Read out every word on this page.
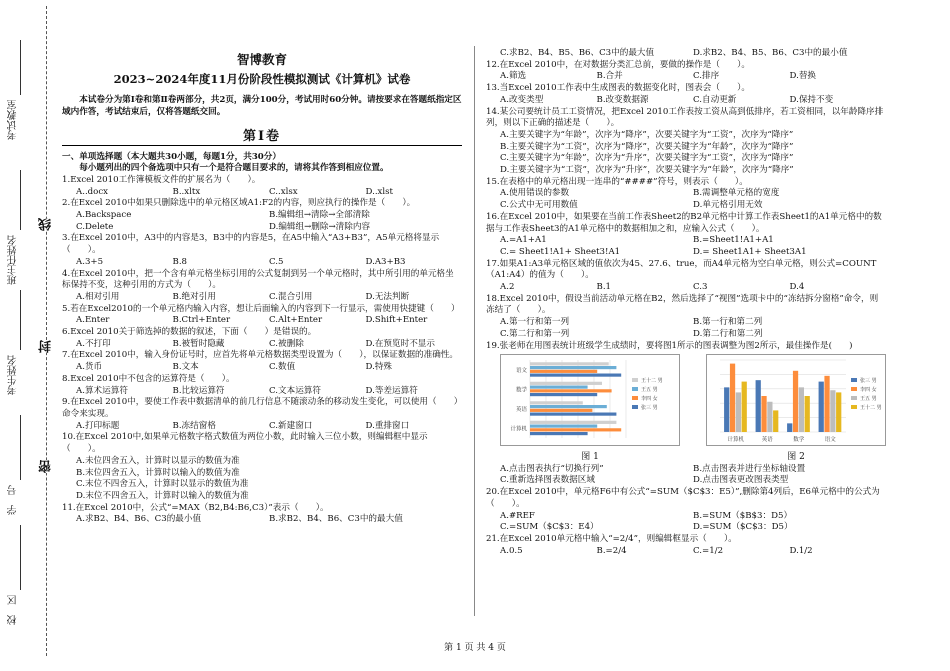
考试教室
班主任姓名
考生姓名
学　号
校　区
线
封
密
智博教育
2023~2024年度11月份阶段性模拟测试《计算机》试卷
本试卷分为第Ⅰ卷和第Ⅱ卷两部分，共2页，满分100分，考试用时60分钟。请按要求在答题纸指定区域内作答，考试结束后，仅将答题纸交回。
第Ⅰ卷
一、单项选择题（本大题共30小题，每题1分，共30分）
每小题列出的四个备选项中只有一个是符合题目要求的，请将其作答到相应位置。
1.Excel 2010工作簿模板文件的扩展名为（　　）。
A..docx	B..xltx	C..xlsx	D..xlst
2.在Excel 2010中如果只删除选中的单元格区域A1:F2的内容，则应执行的操作是（　　）。
A.Backspace	B.编辑组→清除→全部清除
C.Delete	D.编辑组→删除→清除内容
3.在Excel 2010中，A3中的内容是3，B3中的内容是5，在A5中输入“A3+B3”，A5单元格将显示（　　）。
A.3+5	B.8	C.5	D.A3+B3
4.在Excel 2010中，把一个含有单元格坐标引用的公式复制到另一个单元格时，其中所引用的单元格坐标保持不变，这种引用的方式为（　　）。
A.相对引用	B.绝对引用	C.混合引用	D.无法判断
5.若在Excel2010的一个单元格内输入内容，想让后面输入的内容到下一行显示，需使用快捷键（　　）
A.Enter	B.Ctrl+Enter	C.Alt+Enter	D.Shift+Enter
6.Excel 2010关于筛选掉的数据的叙述，下面（　　）是错误的。
A.不打印	B.被暂时隐藏	C.被删除	D.在预览时不显示
7.在Excel 2010中，输入身份证号时，应首先将单元格数据类型设置为（　　），以保证数据的准确性。
A.货币	B.文本	C.数值	D.特殊
8.Excel 2010中不包含的运算符是（　　）。
A.算术运算符	B.比较运算符	C.文本运算符	D.等差运算符
9.在Excel 2010中，要使工作表中数据清单的前几行信息不随滚动条的移动发生变化，可以使用（　　）命令来实现。
A.打印标题	B.冻结窗格	C.新建窗口	D.重排窗口
10.在Excel 2010中,如果单元格数字格式数值为两位小数，此时输入三位小数，则编辑框中显示（　　）。
A.未位四舍五入，计算时以显示的数值为准
B.末位四舍五入，计算时以输入的数值为准
C.末位不四舍五入，计算时以显示的数值为准
D.末位不四舍五入，计算时以输入的数值为准
11.在Excel 2010中，公式“=MAX（B2,B4:B6,C3）”表示（　　）。
A.求B2、B4、B6、C3的最小值	B.求B2、B4、B6、C3中的最大值
C.求B2、B4、B5、B6、C3中的最大值	D.求B2、B4、B5、B6、C3中的最小值
12.在Excel 2010中，在对数据分类汇总前，要做的操作是（　　）。
A.筛选	B.合并	C.排序	D.替换
13.当Excel 2010工作表中生成图表的数据变化时，图表会（　　）。
A.改变类型	B.改变数据源	C.自动更新	D.保持不变
14.某公司要统计员工工资情况，把Excel 2010工作表按工资从高到低排序，若工资相同，以年龄降序排列，则以下正确的描述是（　　）。
A.主要关键字为“年龄”，次序为“降序”，次要关键字为“工资”，次序为“降序”
B.主要关键字为“工资”，次序为“降序”，次要关键字为“年龄”，次序为“降序”
C.主要关键字为“年龄”，次序为“升序”，次要关键字为“工资”，次序为“降序”
D.主要关键字为“工资”，次序为“升序”，次要关键字为“年龄”，次序为“降序”
15.在表格中的单元格出现一连串的“####”符号，则表示（　　）。
A.使用错误的参数	B.需调整单元格的宽度
C.公式中无可用数值	D.单元格引用无效
16.在Excel 2010中，如果要在当前工作表Sheet2的B2单元格中计算工作表Sheet1的A1单元格中的数据与工作表Sheet3的A1单元格中的数据相加之和，应输入公式（　　）。
A.=A1+A1	B.=Sheet1!A1+A1
C.= Sheet1!A1+ Sheet3!A1	D.= Sheet1A1+ Sheet3A1
17.如果A1:A3单元格区域的值依次为45、27.6、true，而A4单元格为空白单元格，则公式=COUNT（A1:A4）的值为（　　）。
A.2	B.1	C.3	D.4
18.Excel 2010中，假设当前活动单元格在B2，然后选择了“视图”选项卡中的“冻结拆分窗格”命令，则冻结了（　　）。
A.第一行和第一列	B.第一行和第二列
C.第二行和第一列	D.第二行和第二列
19.张老师在用图表统计班级学生成绩时，要将图1所示的图表调整为图2所示，最佳操作是(　　)
语文
数学
英语
计算机
王十二 男
王五 男
李四 女
张三 男
图 1
计算机	英语	数学	语文
张三 男
李四 女
王五 男
王十二 男
图 2
A.点击图表执行“切换行列”	B.点击图表并进行坐标轴设置
C.重新选择图表数据区域	D.点击图表更改图表类型
20.在Excel 2010中，单元格F6中有公式“=SUM（$C$3：E5）”,删除第4列后，E6单元格中的公式为（　　）。
A.#REF	B.=SUM（$B$3：D5）
C.=SUM（$C$3：E4）	D.=SUM（$C$3：D5）
21.在Excel 2010单元格中输入“=2/4”，则编辑框显示（　　）。
A.0.5	B.=2/4	C.=1/2	D.1/2
第 1 页 共 4 页
